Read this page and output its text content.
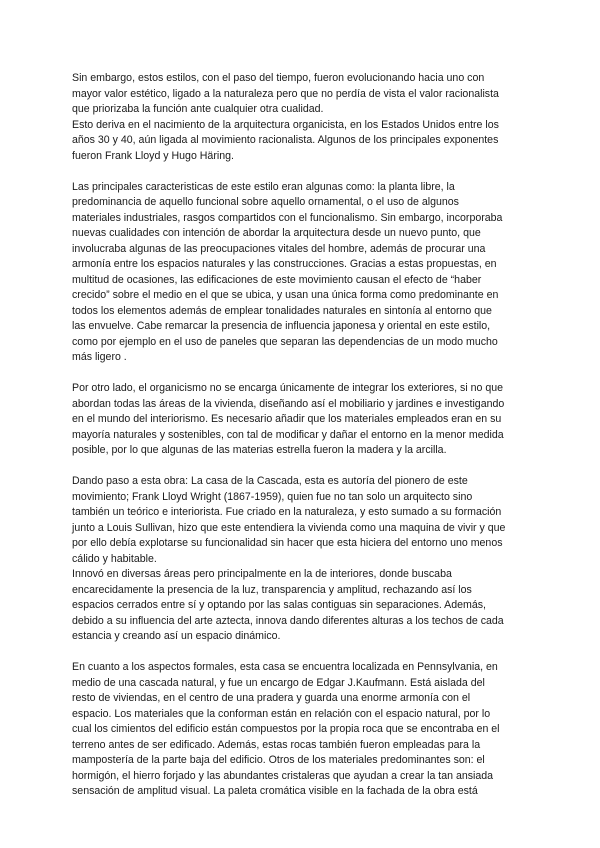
Sin embargo, estos estilos, con el paso del tiempo, fueron evolucionando hacia uno con
mayor valor estético, ligado a la naturaleza pero que no perdía de vista el valor racionalista
que priorizaba la función ante cualquier otra cualidad.
Esto deriva en el nacimiento de la arquitectura organicista, en los Estados Unidos entre los
años 30 y 40, aún ligada al movimiento racionalista. Algunos de los principales exponentes
fueron Frank Lloyd y Hugo Häring.

Las principales caracteristicas de este estilo eran algunas como: la planta libre, la
predominancia de aquello funcional sobre aquello ornamental, o el uso de algunos
materiales industriales, rasgos compartidos con el funcionalismo. Sin embargo, incorporaba
nuevas cualidades con intención de abordar la arquitectura desde un nuevo punto, que
involucraba algunas de las preocupaciones vitales del hombre, además de procurar una
armonía entre los espacios naturales y las construcciones. Gracias a estas propuestas, en
multitud de ocasiones, las edificaciones de este movimiento causan el efecto de “haber
crecido” sobre el medio en el que se ubica, y usan una única forma como predominante en
todos los elementos además de emplear tonalidades naturales en sintonía al entorno que
las envuelve. Cabe remarcar la presencia de influencia japonesa y oriental en este estilo,
como por ejemplo en el uso de paneles que separan las dependencias de un modo mucho
más ligero .

Por otro lado, el organicismo no se encarga únicamente de integrar los exteriores, si no que
abordan todas las áreas de la vivienda, diseñando así el mobiliario y jardines e investigando
en el mundo del interiorismo. Es necesario añadir que los materiales empleados eran en su
mayoría naturales y sostenibles, con tal de modificar y dañar el entorno en la menor medida
posible, por lo que algunas de las materias estrella fueron la madera y la arcilla.

Dando paso a esta obra: La casa de la Cascada, esta es autoría del pionero de este
movimiento; Frank Lloyd Wright (1867-1959), quien fue no tan solo un arquitecto sino
también un teórico e interiorista. Fue criado en la naturaleza, y esto sumado a su formación
junto a Louis Sullivan, hizo que este entendiera la vivienda como una maquina de vivir y que
por ello debía explotarse su funcionalidad sin hacer que esta hiciera del entorno uno menos
cálido y habitable.
Innovó en diversas áreas pero principalmente en la de interiores, donde buscaba
encarecidamente la presencia de la luz, transparencia y amplitud, rechazando así los
espacios cerrados entre sí y optando por las salas contiguas sin separaciones. Además,
debido a su influencia del arte aztecta, innova dando diferentes alturas a los techos de cada
estancia y creando así un espacio dinámico.

En cuanto a los aspectos formales, esta casa se encuentra localizada en Pennsylvania, en
medio de una cascada natural, y fue un encargo de Edgar J.Kaufmann. Está aislada del
resto de viviendas, en el centro de una pradera y guarda una enorme armonía con el
espacio. Los materiales que la conforman están en relación con el espacio natural, por lo
cual los cimientos del edificio están compuestos por la propia roca que se encontraba en el
terreno antes de ser edificado. Además, estas rocas también fueron empleadas para la
mampostería de la parte baja del edificio. Otros de los materiales predominantes son: el
hormigón, el hierro forjado y las abundantes cristaleras que ayudan a crear la tan ansiada
sensación de amplitud visual. La paleta cromática visible en la fachada de la obra está
